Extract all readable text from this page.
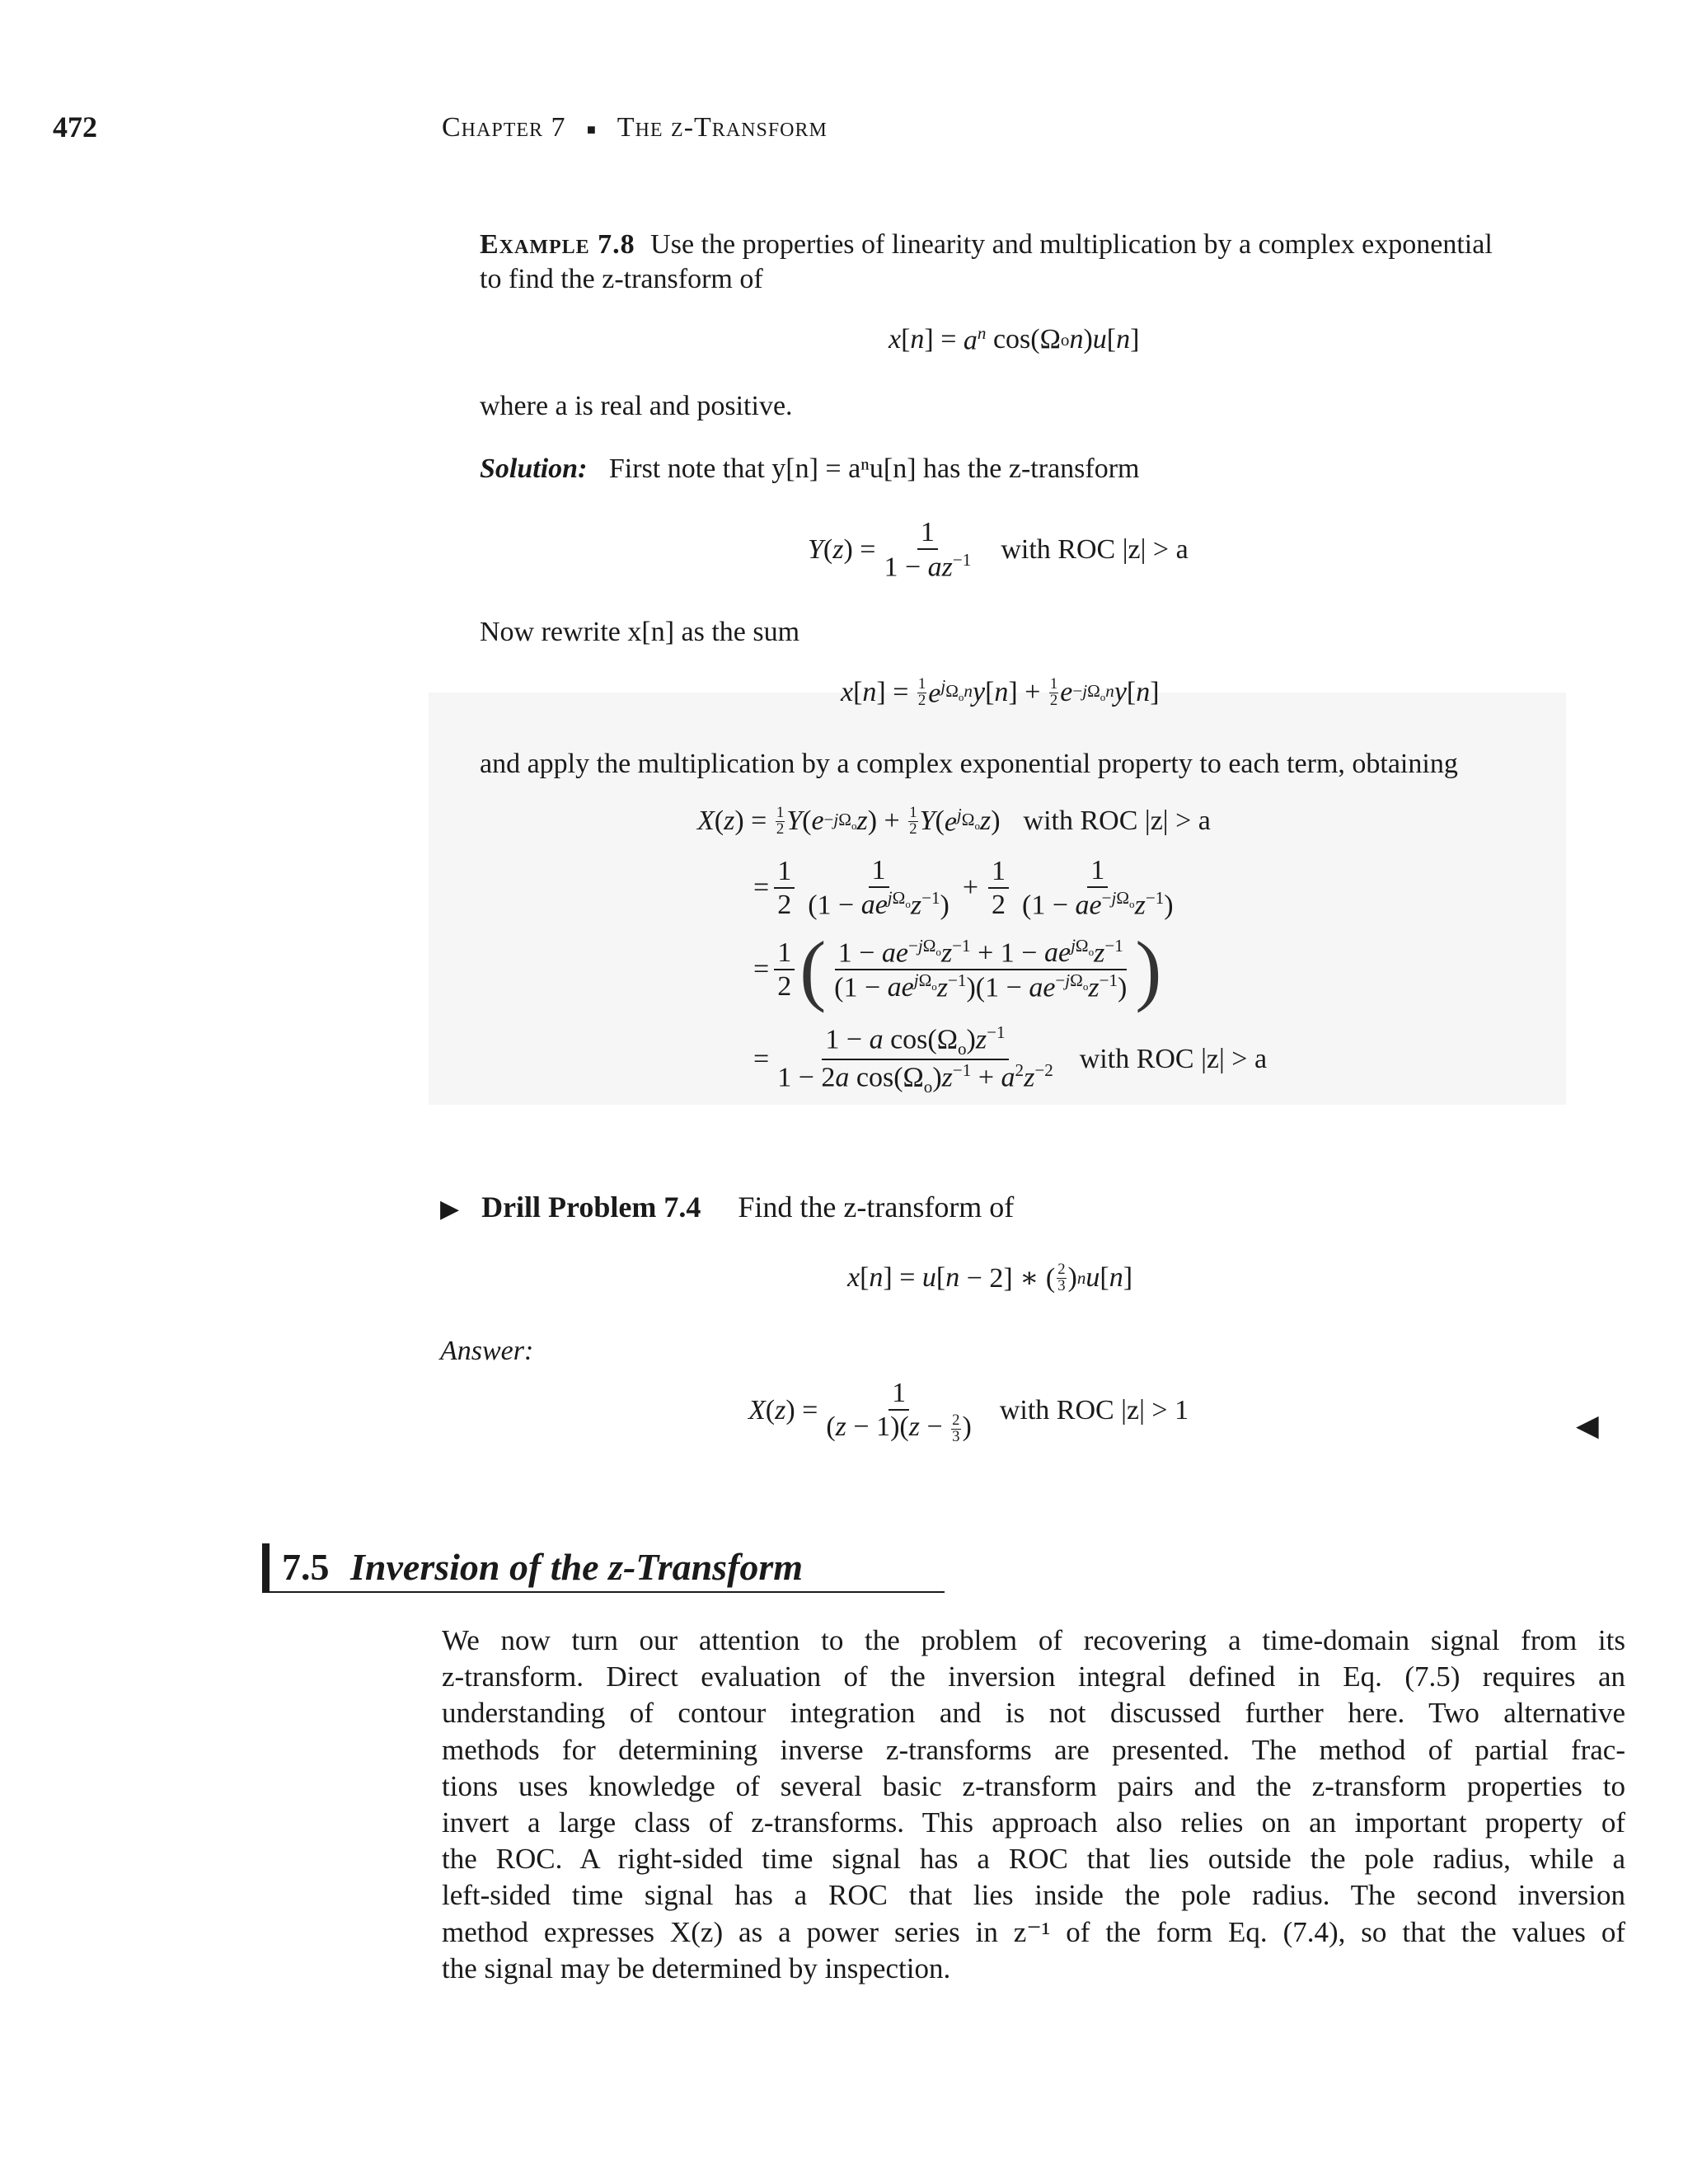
472	Chapter 7 ■ The z-Transform
Example 7.8 Use the properties of linearity and multiplication by a complex exponential
to find the z-transform of
x [ n ] = $a^n$ cos(Ω o n ) u [ n ]
where a is real and positive.
Solution: First note that y[n] = aⁿu[n] has the z-transform
$Y(z) = \frac{1}{1 - az^{-1}}$ with ROC |z| > a
Now rewrite x[n] as the sum
x [ n ] = 1
2 $e^j$ $\Omega_on$ y [ n ] + 1
2 $e -j\Omega_on$ y [ n ]
and apply the multiplication by a complex exponential property to each term, obtaining
X ( z ) = 1
2 Y ( $e -j\Omega_o$ z ) + 1
2 Y ( $e^j$ $\Omega_o$ z ) with ROC |z| > a
= $\frac{1}{2} \frac{1}{(1 - ae^{j\Omega_o}z^{-1})} + \frac{1}{2} \frac{1}{(1 - ae^{-j\Omega_o}z^{-1})}$
= $\frac{1}{2}$ ( $\frac{1 - ae^{-j\Omega_o}z^{-1} + 1 - ae^{j\Omega_o}z^{-1}}{(1 - ae^{j\Omega_o}z^{-1})(1 - ae^{-j\Omega_o}z^{-1})}$ )
= $\frac{1 - a \cos(\Omega_o)z^{-1}}{1 - 2a \cos(\Omega_o)z^{-1} + a^2z^{-2}}$ with ROC |z| > a
▶ Drill Problem 7.4 Find the z-transform of
x [ n ] = u [ n − 2] ∗ ( 2
3 ) n u [ n ]
Answer:
$X(z) = \frac{1}{(z - 1)(z - \frac{2}{3} )}$ with ROC |z| > 1	◀
7.5 Inversion of the z-Transform
We now turn our attention to the problem of recovering a time-domain signal from its
z-transform. Direct evaluation of the inversion integral defined in Eq. (7.5) requires an
understanding of contour integration and is not discussed further here. Two alternative
methods for determining inverse z-transforms are presented. The method of partial frac-
tions uses knowledge of several basic z-transform pairs and the z-transform properties to
invert a large class of z-transforms. This approach also relies on an important property of
the ROC. A right-sided time signal has a ROC that lies outside the pole radius, while a
left-sided time signal has a ROC that lies inside the pole radius. The second inversion
method expresses X(z) as a power series in z⁻¹ of the form Eq. (7.4), so that the values of
the signal may be determined by inspection.
